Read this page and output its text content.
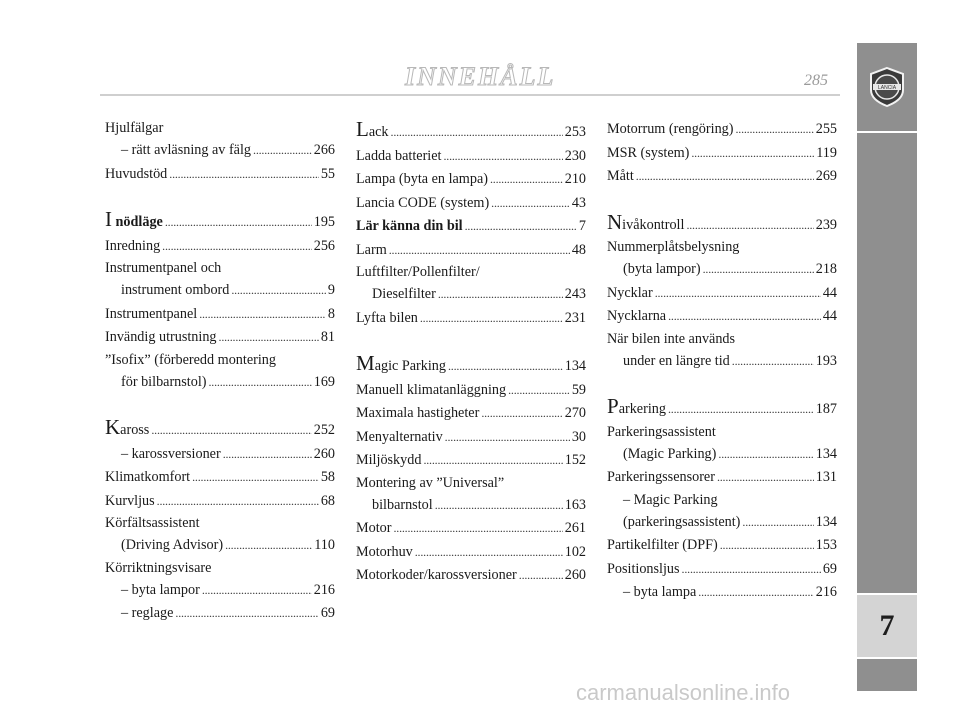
INNEHÅLL	285	LANCIA
7
Hjulfälgar
– rätt avläsning av fälg . . .	266
Huvudstöd . . .	55
I nödläge . . .	195
Inredning . . .	256
Instrumentpanel och
instrument ombord . . .	9
Instrumentpanel . . .	8
Invändig utrustning . . .	81
”Isofix” (förberedd montering
för bilbarnstol) . . .	169
Kaross . . .	252
– karossversioner . . .	260
Klimatkomfort . . .	58
Kurvljus . . .	68
Körfältsassistent
(Driving Advisor) . . .	110
Körriktningsvisare
– byta lampor . . .	216
– reglage . . .	69
Lack . . .	253
Ladda batteriet . . .	230
Lampa (byta en lampa) . . .	210
Lancia CODE (system) . . .	43
Lär känna din bil . . .	7
Larm . . .	48
Luftfilter/Pollenfilter/
Dieselfilter . . .	243
Lyfta bilen . . .	231
Magic Parking . . .	134
Manuell klimatanläggning . . .	59
Maximala hastigheter . . .	270
Menyalternativ . . .	30
Miljöskydd . . .	152
Montering av ”Universal”
bilbarnstol . . .	163
Motor . . .	261
Motorhuv . . .	102
Motorkoder/karossversioner . . .	260
Motorrum (rengöring) . . .	255
MSR (system) . . .	119
Mått . . .	269
Nivåkontroll . . .	239
Nummerplåtsbelysning
(byta lampor) . . .	218
Nycklar . . .	44
Nycklarna . . .	44
När bilen inte används
under en längre tid . . .	193
Parkering . . .	187
Parkeringsassistent
(Magic Parking) . . .	134
Parkeringssensorer . . .	131
– Magic Parking
(parkeringsassistent) . . .	134
Partikelfilter (DPF) . . .	153
Positionsljus . . .	69
– byta lampa . . .	216
carmanualsonline.info
